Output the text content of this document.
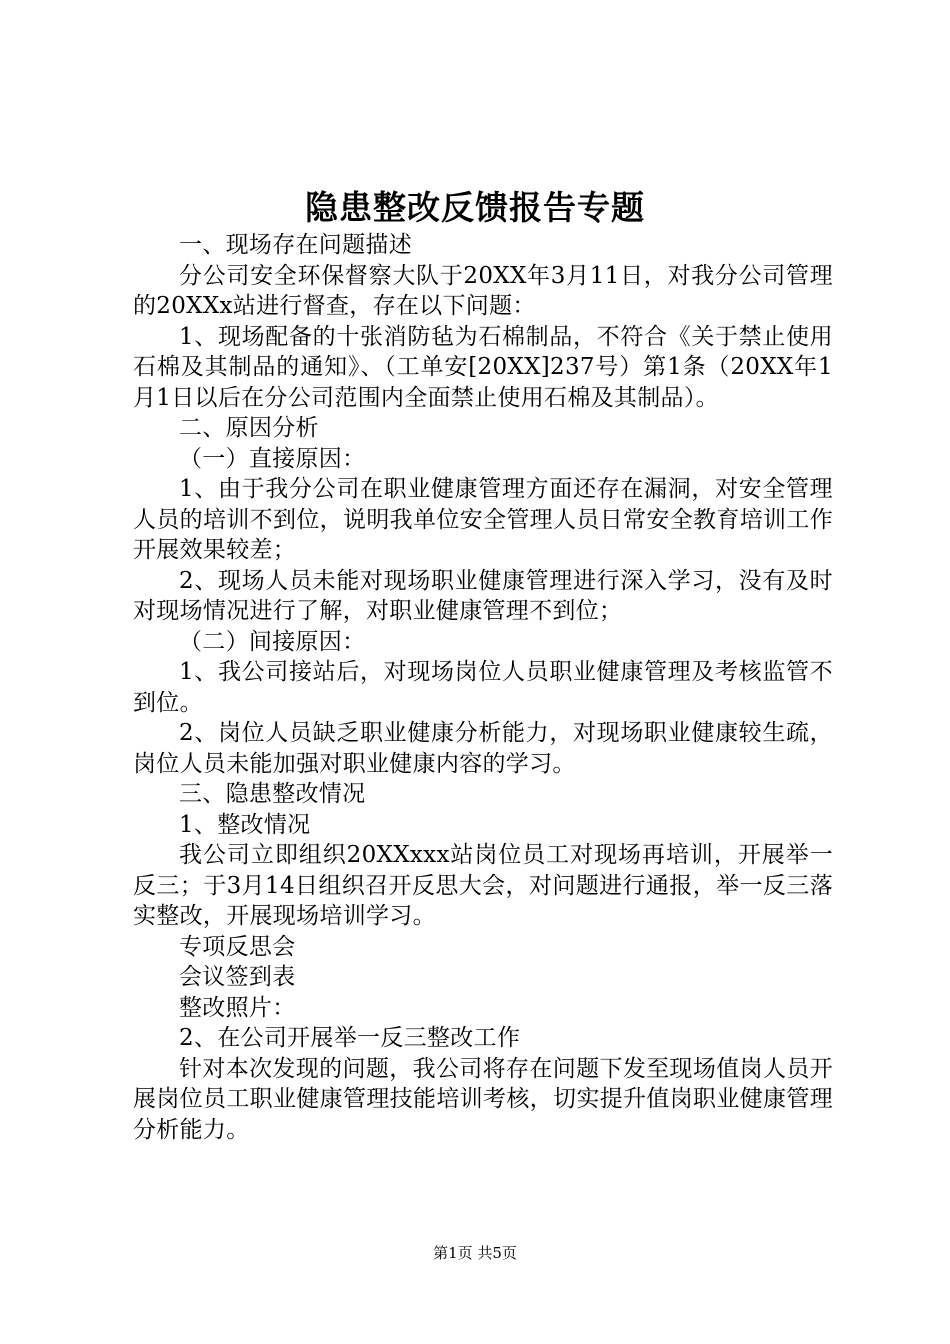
隐患整改反馈报告专题

一、现场存在问题描述

分公司安全环保督察大队于20XX年3月11日，对我分公司管理的20XXx站进行督查，存在以下问题：

1、现场配备的十张消防毡为石棉制品，不符合《关于禁止使用石棉及其制品的通知》、（工单安[20XX]237号）第1条（20XX年1月1日以后在分公司范围内全面禁止使用石棉及其制品）。

二、原因分析

（一）直接原因：

1、由于我分公司在职业健康管理方面还存在漏洞，对安全管理人员的培训不到位，说明我单位安全管理人员日常安全教育培训工作开展效果较差；

2、现场人员未能对现场职业健康管理进行深入学习，没有及时对现场情况进行了解，对职业健康管理不到位；

（二）间接原因：

1、我公司接站后，对现场岗位人员职业健康管理及考核监管不到位。

2、岗位人员缺乏职业健康分析能力，对现场职业健康较生疏，岗位人员未能加强对职业健康内容的学习。

三、隐患整改情况

1、整改情况

我公司立即组织20XXxxx站岗位员工对现场再培训，开展举一反三；于3月14日组织召开反思大会，对问题进行通报，举一反三落实整改，开展现场培训学习。

专项反思会

会议签到表

整改照片：

2、在公司开展举一反三整改工作

针对本次发现的问题，我公司将存在问题下发至现场值岗人员开展岗位员工职业健康管理技能培训考核，切实提升值岗职业健康管理分析能力。

第1页 共5页
